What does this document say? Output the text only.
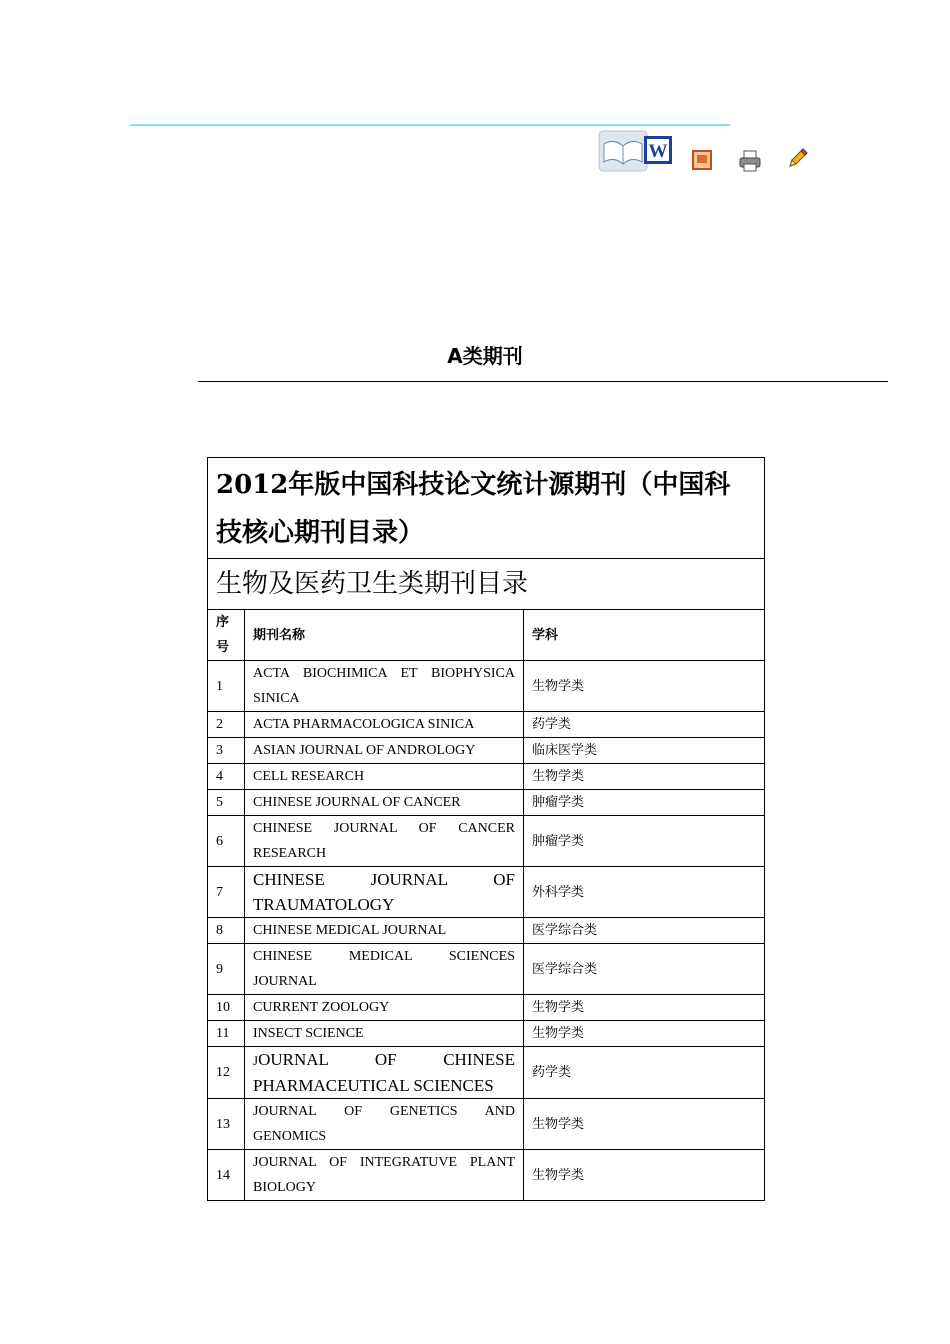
W
A类期刊
2012年版中国科技论文统计源期刊（中国科技核心期刊目录）		
生物及医药卫生类期刊目录		
序号	期刊名称	学科
1	ACTA BIOCHIMICA ET BIOPHYSICA SINICA	生物学类
2	ACTA PHARMACOLOGICA SINICA	药学类
3	ASIAN JOURNAL OF ANDROLOGY	临床医学类
4	CELL RESEARCH	生物学类
5	CHINESE JOURNAL OF CANCER	肿瘤学类
6	CHINESE JOURNAL OF CANCER RESEARCH	肿瘤学类
7	CHINESE JOURNAL OF TRAUMATOLOGY	外科学类
8	CHINESE MEDICAL JOURNAL	医学综合类
9	CHINESE MEDICAL SCIENCES JOURNAL	医学综合类
10	CURRENT ZOOLOGY	生物学类
11	INSECT SCIENCE	生物学类
12	JOURNAL OF CHINESE PHARMACEUTICAL SCIENCES	药学类
13	JOURNAL OF GENETICS AND GENOMICS	生物学类
14	JOURNAL OF INTEGRATUVE PLANT BIOLOGY	生物学类
